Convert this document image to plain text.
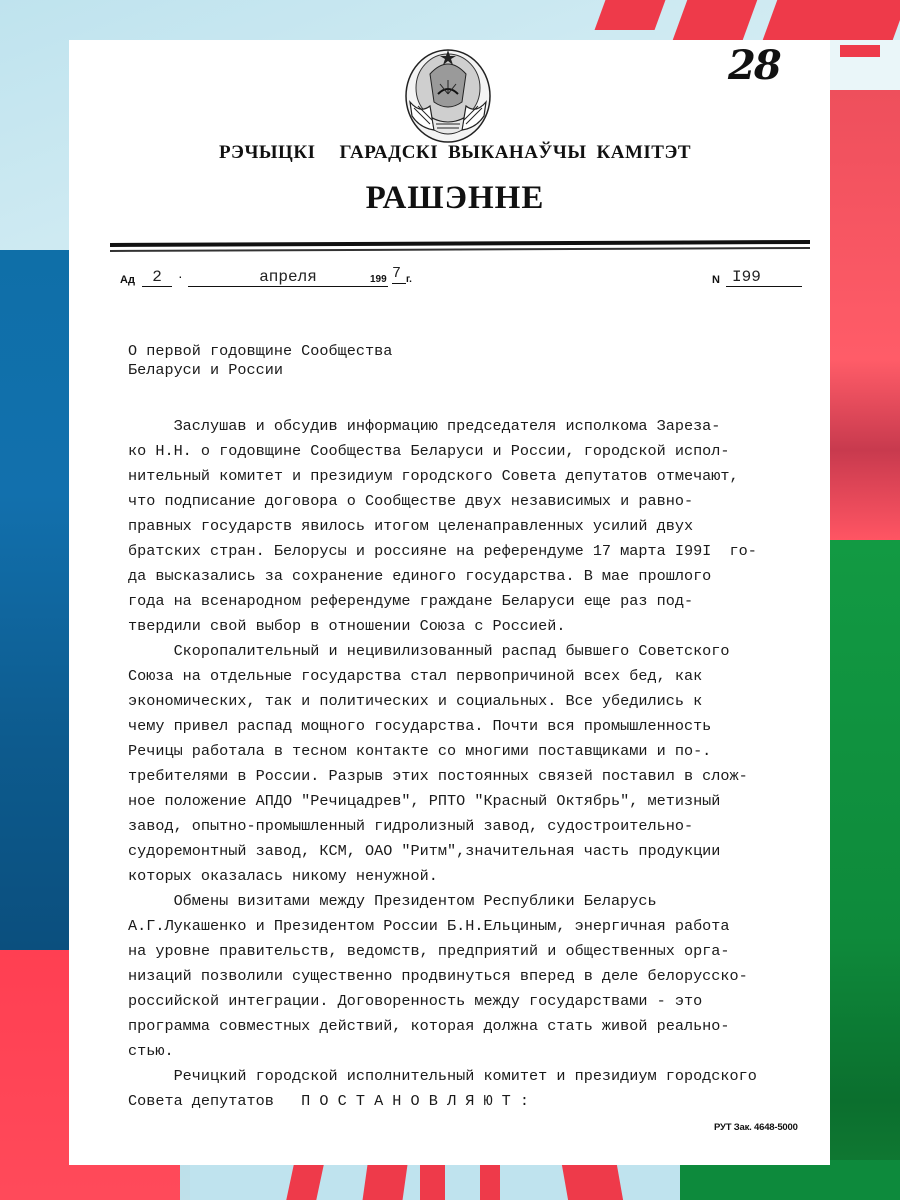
28
РЭЧЫЦКІ ГАРАДСКІ ВЫКАНАЎЧЫ КАМІТЭТ
РАШЭННЕ
Ад	2	·	апреля	199 7 г.	N I99

О первой годовщине Сообщества
Беларуси и России

Заслушав и обсудив информацию председателя исполкома Зареза-
ко Н.Н. о годовщине Сообщества Беларуси и России, городской испол-
нительный комитет и президиум городского Совета депутатов отмечают,
что подписание договора о Сообществе двух независимых и равно-
правных государств явилось итогом целенаправленных усилий двух
братских стран. Белорусы и россияне на референдуме 17 марта I99I  го-
да высказались за сохранение единого государства. В мае прошлого
года на всенародном референдуме граждане Беларуси еще раз под-
твердили свой выбор в отношении Союза с Россией.

Скоропалительный и нецивилизованный распад бывшего Советского
Союза на отдельные государства стал первопричиной всех бед, как
экономических, так и политических и социальных. Все убедились к
чему привел распад мощного государства. Почти вся промышленность
Речицы работала в тесном контакте со многими поставщиками и по-.
требителями в России. Разрыв этих постоянных связей поставил в слож-
ное положение АПДО "Речицадрев", РПТО "Красный Октябрь", метизный
завод, опытно-промышленный гидролизный завод, судостроительно-
судоремонтный завод, КСМ, ОАО "Ритм",значительная часть продукции
которых оказалась никому ненужной.

Обмены визитами между Президентом Республики Беларусь
А.Г.Лукашенко и Президентом России Б.Н.Ельциным, энергичная работа
на уровне правительств, ведомств, предприятий и общественных орга-
низаций позволили существенно продвинуться вперед в деле белорусско-
российской интеграции. Договоренность между государствами - это
программа совместных действий, которая должна стать живой реально-
стью.

Речицкий городской исполнительный комитет и президиум городского
Совета депутатов   П О С Т А Н О В Л Я Ю Т :

РУТ Зак. 4648-5000
